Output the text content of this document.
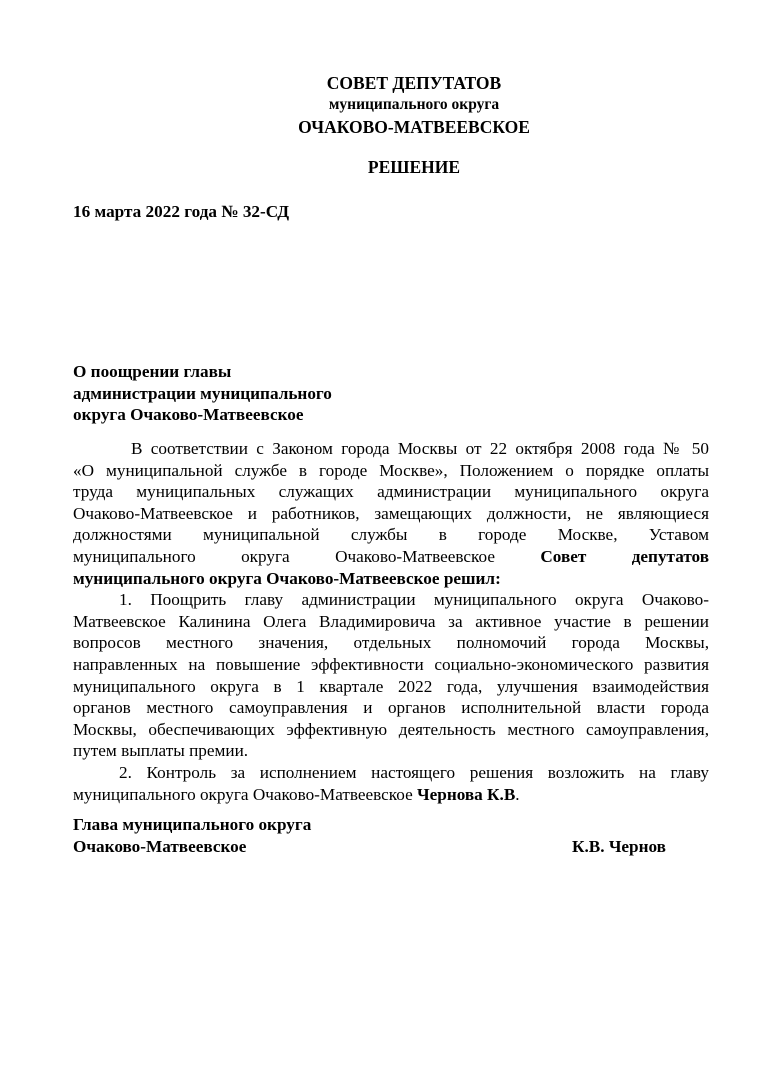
СОВЕТ ДЕПУТАТОВ
муниципального округа
ОЧАКОВО-МАТВЕЕВСКОЕ
РЕШЕНИЕ
16 марта 2022 года № 32-СД
О поощрении главы
администрации муниципального
округа Очаково-Матвеевское
В соответствии с Законом города Москвы от 22 октября 2008 года № 50
«О муниципальной службе в городе Москве», Положением о порядке оплаты
труда муниципальных служащих администрации муниципального округа
Очаково-Матвеевское и работников, замещающих должности, не являющиеся
должностями муниципальной службы в городе Москве, Уставом
муниципального округа Очаково-Матвеевское	Совет депутатов
муниципального округа Очаково-Матвеевское решил:
1. Поощрить главу администрации муниципального округа Очаково-
Матвеевское Калинина Олега Владимировича за активное участие в решении
вопросов местного значения, отдельных полномочий города Москвы,
направленных на повышение эффективности социально-экономического развития
муниципального округа в 1 квартале 2022 года, улучшения взаимодействия
органов местного самоуправления и органов исполнительной власти города
Москвы, обеспечивающих эффективную деятельность местного самоуправления,
путем выплаты премии.
2. Контроль за исполнением настоящего решения возложить на главу
муниципального округа Очаково-Матвеевское Чернова К.В.
Глава муниципального округа
Очаково-Матвеевское	К.В. Чернов
